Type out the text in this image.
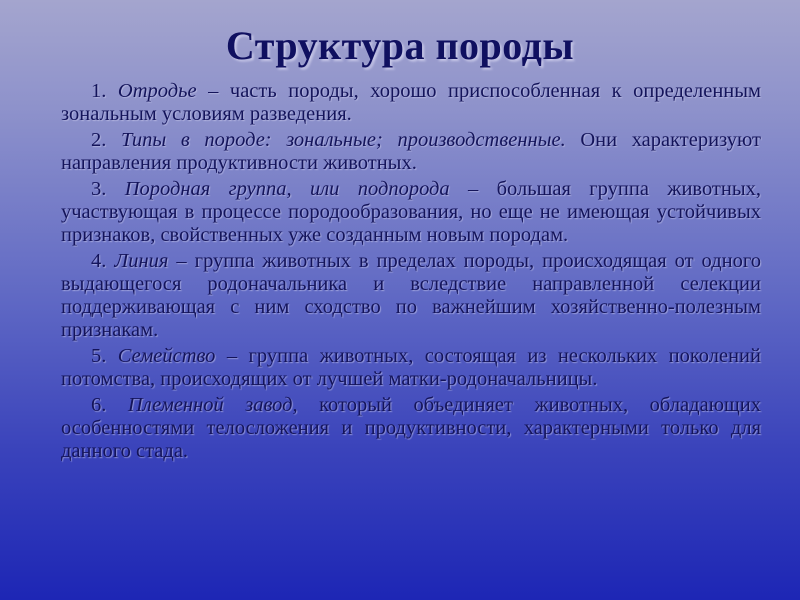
Структура породы

1. Отродье – часть породы, хорошо приспособленная к определенным зональным условиям разведения.

2. Типы в породе: зональные; производственные. Они характеризуют направления продуктивности животных.

3. Породная группа, или подпорода – большая группа животных, участвующая в процессе породообразования, но еще не имеющая устойчивых признаков, свойственных уже созданным новым породам.

4. Линия – группа животных в пределах породы, происходящая от одного выдающегося родоначальника и вследствие направленной селекции поддерживающая с ним сходство по важнейшим хозяйственно-полезным признакам.

5. Семейство – группа животных, состоящая из нескольких поколений потомства, происходящих от лучшей матки-родоначальницы.

6. Племенной завод, который объединяет животных, обладающих особенностями телосложения и продуктивности, характерными только для данного стада.
